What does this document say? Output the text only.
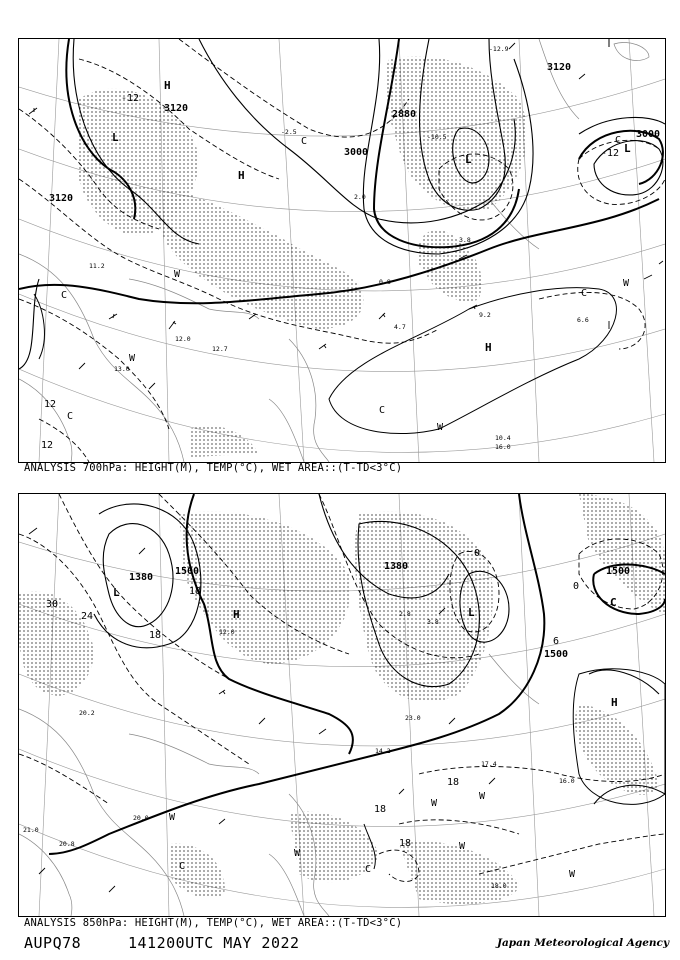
3120
3000
2880
3120
3000
3120
-12
12
12
-12
H
H
H
L
L
L
W
W
W
W
C
C
C
C
C
C
-12.9
-10.5
-2.5
2.0
3.8
11.2
12.0
12.7
9.2
6.6
10.4
16.0
13.0
0.8
4.7
ANALYSIS 700hPa: HEIGHT(M), TEMP(°C), WET AREA::(T-TD<3°C)
1380
1500	1380
1500
1500
30
24
18
18
18
18
18
6
0
0
L
L
H
H
C
W
W
W
W
W
W
C	C
20.0
21.0
20.8
16.0
18.0
17.4
14.2
2.8
3.8
20.2
12.0
23.0
ANALYSIS 850hPa: HEIGHT(M), TEMP(°C), WET AREA::(T-TD<3°C)
AUPQ78	141200UTC MAY 2022	Japan Meteorological Agency
